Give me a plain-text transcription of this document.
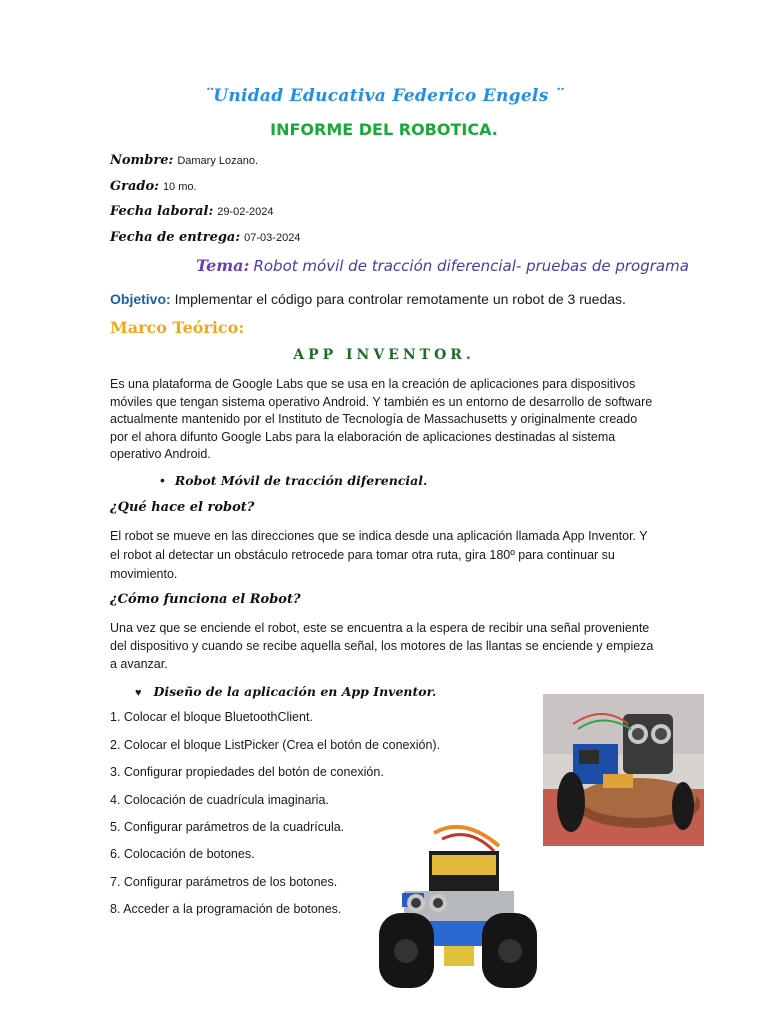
¨Unidad Educativa Federico Engels ¨
INFORME DEL ROBOTICA.
Nombre: Damary Lozano.
Grado: 10 mo.
Fecha laboral: 29-02-2024
Fecha de entrega: 07-03-2024
Tema: Robot móvil de tracción diferencial- pruebas de programa
Objetivo: Implementar el código para controlar remotamente un robot de 3 ruedas.
Marco Teórico:
APP INVENTOR.
Es una plataforma de Google Labs que se usa en la creación de aplicaciones para dispositivos móviles que tengan sistema operativo Android. Y también es un entorno de desarrollo de software actualmente mantenido por el Instituto de Tecnología de Massachusetts y originalmente creado por el ahora difunto Google Labs para la elaboración de aplicaciones destinadas al sistema operativo Android.
• Robot Móvil de tracción diferencial.
¿Qué hace el robot?
El robot se mueve en las direcciones que se indica desde una aplicación llamada App Inventor. Y el robot al detectar un obstáculo retrocede para tomar otra ruta, gira 180º para continuar su movimiento.
¿Cómo funciona el Robot?
Una vez que se enciende el robot, este se encuentra a la espera de recibir una señal proveniente del dispositivo y cuando se recibe aquella señal, los motores de las llantas se enciende y empieza a avanzar.
♥ Diseño de la aplicación en App Inventor.
1. Colocar el bloque BluetoothClient.
2. Colocar el bloque ListPicker (Crea el botón de conexión).
3. Configurar propiedades del botón de conexión.
4. Colocación de cuadrícula imaginaria.
5. Configurar parámetros de la cuadrícula.
6. Colocación de botones.
7. Configurar parámetros de los botones.
8. Acceder a la programación de botones.
